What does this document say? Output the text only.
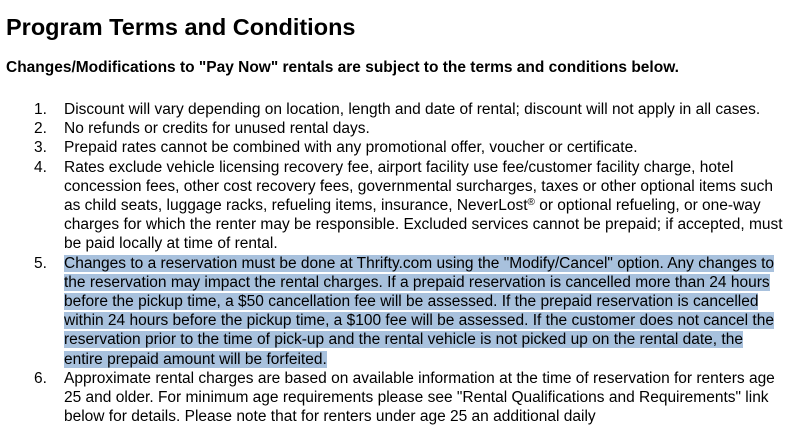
Program Terms and Conditions

Changes/Modifications to "Pay Now" rentals are subject to the terms and conditions below.

1. Discount will vary depending on location, length and date of rental; discount will not apply in all cases.
2. No refunds or credits for unused rental days.
3. Prepaid rates cannot be combined with any promotional offer, voucher or certificate.
4. Rates exclude vehicle licensing recovery fee, airport facility use fee/customer facility charge, hotel concession fees, other cost recovery fees, governmental surcharges, taxes or other optional items such as child seats, luggage racks, refueling items, insurance, NeverLost® or optional refueling, or one-way charges for which the renter may be responsible. Excluded services cannot be prepaid; if accepted, must be paid locally at time of rental.
5. Changes to a reservation must be done at Thrifty.com using the "Modify/Cancel" option. Any changes to the reservation may impact the rental charges. If a prepaid reservation is cancelled more than 24 hours before the pickup time, a $50 cancellation fee will be assessed. If the prepaid reservation is cancelled within 24 hours before the pickup time, a $100 fee will be assessed. If the customer does not cancel the reservation prior to the time of pick-up and the rental vehicle is not picked up on the rental date, the entire prepaid amount will be forfeited.
6. Approximate rental charges are based on available information at the time of reservation for renters age 25 and older. For minimum age requirements please see "Rental Qualifications and Requirements" link below for details. Please note that for renters under age 25 an additional daily
